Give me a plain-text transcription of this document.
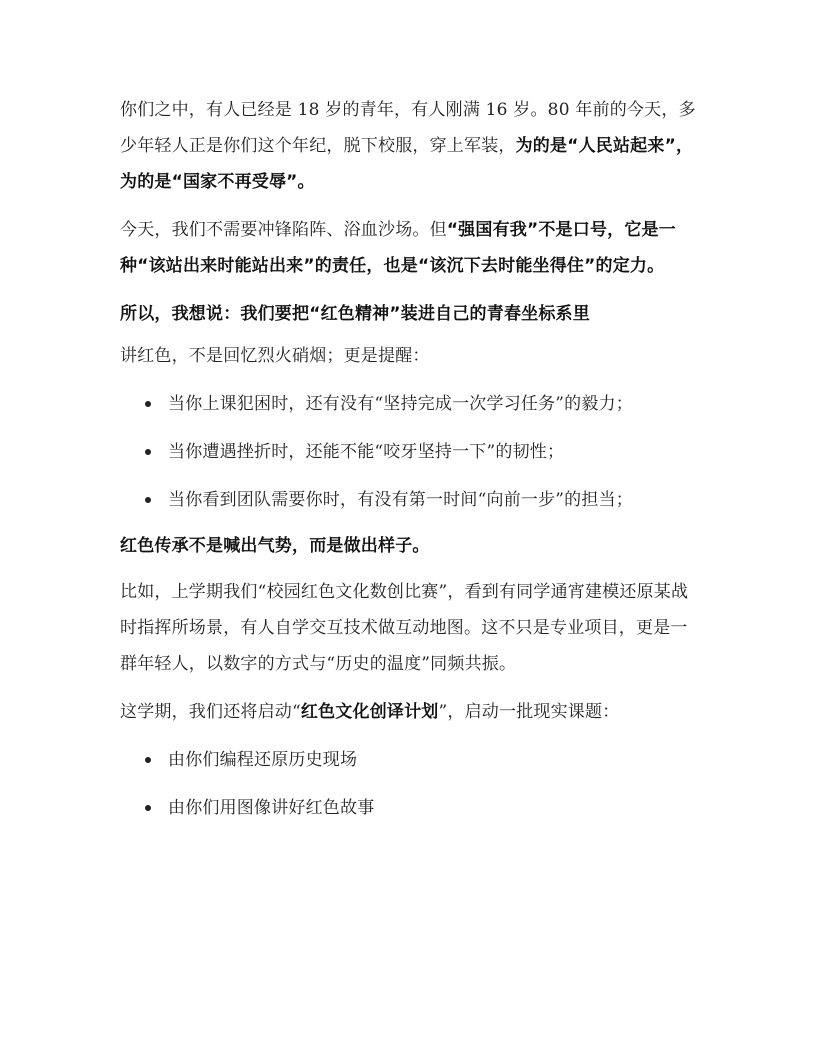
你们之中，有人已经是 18 岁的青年，有人刚满 16 岁。80 年前的今天，多少年轻人正是你们这个年纪，脱下校服，穿上军装，为的是“人民站起来”，为的是“国家不再受辱”。

今天，我们不需要冲锋陷阵、浴血沙场。但“强国有我”不是口号，它是一种“该站出来时能站出来”的责任，也是“该沉下去时能坐得住”的定力。

所以，我想说：我们要把“红色精神”装进自己的青春坐标系里

讲红色，不是回忆烈火硝烟；更是提醒：

当你上课犯困时，还有没有“坚持完成一次学习任务”的毅力；
当你遭遇挫折时，还能不能“咬牙坚持一下”的韧性；
当你看到团队需要你时，有没有第一时间“向前一步”的担当；

红色传承不是喊出气势，而是做出样子。

比如，上学期我们“校园红色文化数创比赛”，看到有同学通宵建模还原某战时指挥所场景，有人自学交互技术做互动地图。这不只是专业项目，更是一群年轻人，以数字的方式与“历史的温度”同频共振。

这学期，我们还将启动“红色文化创译计划”，启动一批现实课题：

由你们编程还原历史现场
由你们用图像讲好红色故事
